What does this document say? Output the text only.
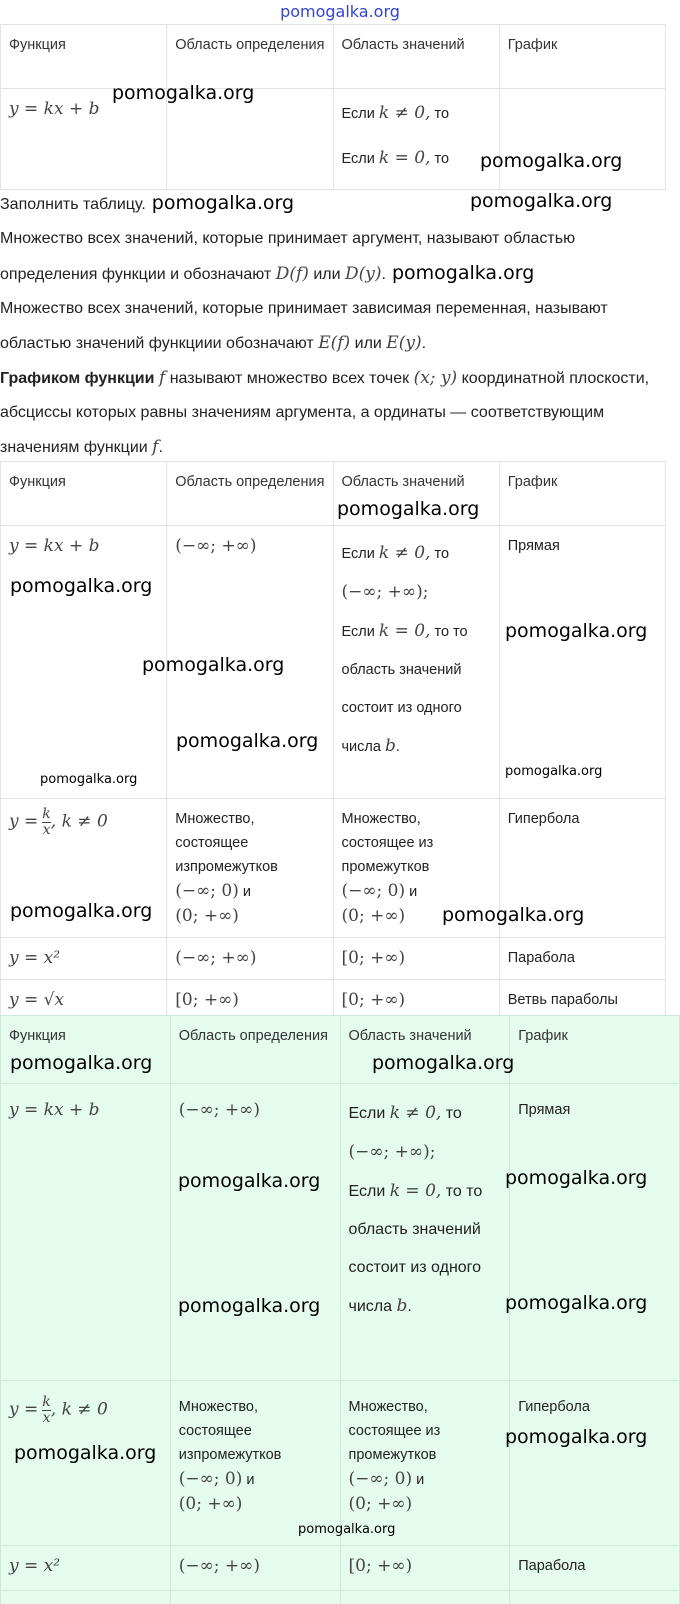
pomogalka.org
Функция	Область определения	Область значений	График
y = kx + b		Если k ≠ 0, то
Если k = 0, то	

Заполнить таблицу. pomogalka.org
Множество всех значений, которые принимает аргумент, называют областью определения функции и обозначают D(f) или D(y). pomogalka.org
Множество всех значений, которые принимает зависимая переменная, называют областью значений функциии обозначают E(f) или E(y).
Графиком функции f называют множество всех точек (x; y) координатной плоскости, абсциссы которых равны значениям аргумента, а ординаты — соответствующим значениям функции f.
Функция	Область определения	Область значений	График
y = kx + b	(−∞; +∞)	Если k ≠ 0, то
(−∞; +∞);
Если k = 0, то то область значений состоит из одного числа b.	Прямая
$y = \frac{k}{x}$ , k ≠ 0	Множество, состоящее изпромежутков
(−∞; 0) и
(0; +∞)	Множество, состоящее из промежутков
(−∞; 0) и
(0; +∞)	Гипербола
y = x²	(−∞; +∞)	[0; +∞)	Парабола
y = √x	[0; +∞)	[0; +∞)	Ветвь параболы
Функция	Область определения	Область значений	График
y = kx + b	(−∞; +∞)	Если k ≠ 0, то
(−∞; +∞);
Если k = 0, то то область значений состоит из одного числа b.	Прямая
$y = \frac{k}{x}$ , k ≠ 0	Множество, состоящее изпромежутков
(−∞; 0) и
(0; +∞)	Множество, состоящее из промежутков
(−∞; 0) и
(0; +∞)	Гипербола
y = x²	(−∞; +∞)	[0; +∞)	Парабола

pomogalka.org
pomogalka.org
pomogalka.org
pomogalka.org
pomogalka.org
pomogalka.org
pomogalka.org
pomogalka.org
pomogalka.org
pomogalka.org
pomogalka.org
pomogalka.org
pomogalka.org	pomogalka.org
pomogalka.org	pomogalka.org
pomogalka.org	pomogalka.org
pomogalka.org
pomogalka.org
pomogalka.org
